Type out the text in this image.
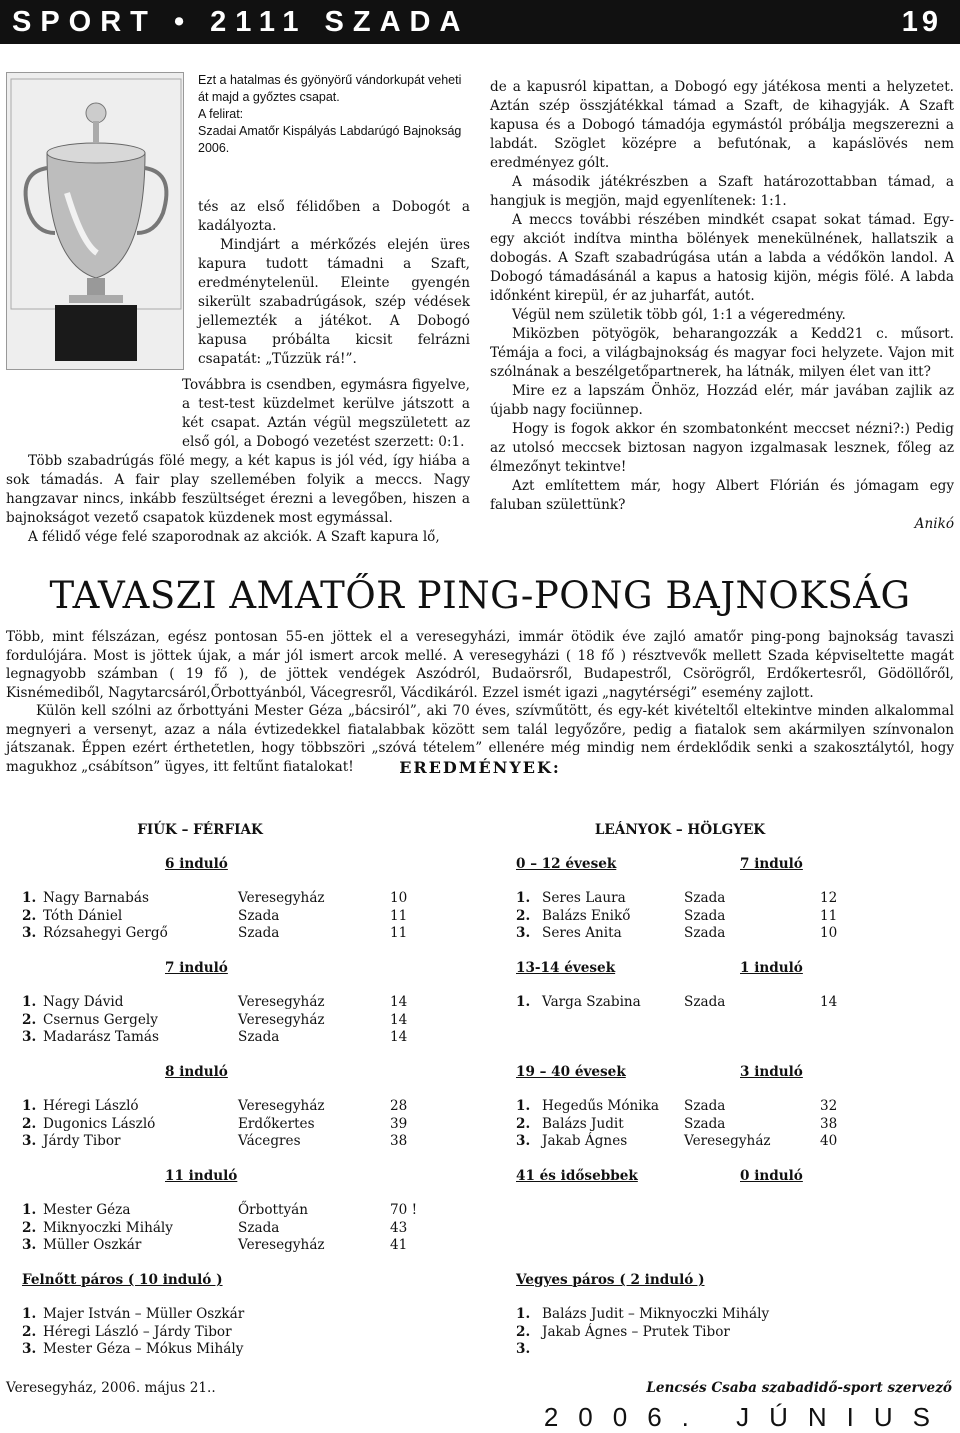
SPORT • 2111 SZADA	19
Ezt a hatalmas és gyönyörű vándorkupát veheti át majd a győztes csapat.
A felirat:
Szadai Amatőr Kispályás Labdarúgó Bajnokság 2006.

tés az első félidőben a Dobogót a kadályozta.

Mindjárt a mérkőzés elején üres kapura tudott támadni a Szaft, eredménytelenül. Eleinte gyengén sikerült szabadrúgások, szép védések jellemezték a játékot. A Dobogó kapusa próbálta kicsit felrázni csapatát: „Tűzzük rá!”.

Továbbra is csendben, egymásra figyelve, a test-test küzdelmet kerülve játszott a két csapat. Aztán végül megszületett az első gól, a Dobogó vezetést szerzett: 0:1.

Több szabadrúgás fölé megy, a két kapus is jól véd, így hiába a sok támadás. A fair play szellemében folyik a meccs. Nagy hangzavar nincs, inkább feszültséget érezni a levegőben, hiszen a bajnokságot vezető csapatok küzdenek most egymással.

A félidő vége felé szaporodnak az akciók. A Szaft kapura lő,

de a kapusról kipattan, a Dobogó egy játékosa menti a helyzetet. Aztán szép összjátékkal támad a Szaft, de kihagyják. A Szaft kapusa és a Dobogó támadója egymástól próbálja megszerezni a labdát. Szöglet középre a befutónak, a kapáslövés nem eredményez gólt.

A második játékrészben a Szaft határozottabban támad, a hangjuk is megjön, majd egyenlítenek: 1:1.

A meccs további részében mindkét csapat sokat támad. Egy-egy akciót indítva mintha bölények menekülnének, hallatszik a dobogás. A Szaft szabadrúgása után a labda a védőkön landol. A Dobogó támadásánál a kapus a hatosig kijön, mégis fölé. A labda időnként kirepül, ér az juharfát, autót.

Végül nem születik több gól, 1:1 a végeredmény.

Miközben pötyögök, beharangozzák a Kedd21 c. műsort. Témája a foci, a világbajnokság és magyar foci helyzete. Vajon mit szólnának a beszélgetőpartnerek, ha látnák, milyen élet van itt?

Mire ez a lapszám Önhöz, Hozzád elér, már javában zajlik az újabb nagy fociünnep.

Hogy is fogok akkor én szombatonként meccset nézni?:) Pedig az utolsó meccsek biztosan nagyon izgalmasak lesznek, főleg az élmezőnyt tekintve!

Azt említettem már, hogy Albert Flórián és jómagam egy faluban születtünk?

Anikó
TAVASZI AMATŐR PING-PONG BAJNOKSÁG

Több, mint félszázan, egész pontosan 55-en jöttek el a veresegyházi, immár ötödik éve zajló amatőr ping-pong bajnokság tavaszi fordulójára. Most is jöttek újak, a már jól ismert arcok mellé. A veresegyházi ( 18 fő ) résztvevők mellett Szada képviseltette magát legnagyobb számban ( 19 fő ), de jöttek vendégek Aszódról, Budaörsről, Budapestről, Csörögről, Erdőkertesről, Gödöllőről, Kisnémediből, Nagytarcsáról,Őrbottyánból, Vácegresről, Vácdikáról. Ezzel ismét igazi „nagytérségi” esemény zajlott.

Külön kell szólni az őrbottyáni Mester Géza „bácsiról”, aki 70 éves, szívműtött, és egy-két kivételtől eltekintve minden alkalommal megnyeri a versenyt, azaz a nála évtizedekkel fiatalabbak között sem talál legyőzőre, pedig a fiatalok sem akármilyen színvonalon játszanak. Éppen ezért érthetetlen, hogy többszöri „szóvá tételem” ellenére még mindig nem érdeklődik senki a szakosztálytól, hogy magukhoz „csábítson” ügyes, itt feltűnt fiatalokat!	EREDMÉNYEK:
FIÚK – FÉRFIAK	LEÁNYOK – HÖLGYEK
6 induló
1. Nagy Barnabás	Veresegyház	10
2. Tóth Dániel	Szada	11
3. Rózsahegyi Gergő	Szada	11
7 induló
1. Nagy Dávid	Veresegyház	14
2. Csernus Gergely	Veresegyház	14
3. Madarász Tamás	Szada	14
8 induló
1. Héregi László	Veresegyház	28
2. Dugonics László	Erdőkertes	39
3. Járdy Tibor	Vácegres	38
11 induló
1. Mester Géza	Őrbottyán	70 !
2. Miknyoczki Mihály	Szada	43
3. Müller Oszkár	Veresegyház	41
0 – 12 évesek	7 induló
1. Seres Laura	Szada	12
2. Balázs Enikő	Szada	11
3. Seres Anita	Szada	10
13-14 évesek	1 induló
1. Varga Szabina	Szada	14
19 – 40 évesek	3 induló
1. Hegedűs Mónika Szada	32
2. Balázs Judit	Szada	38
3. Jakab Ágnes	Veresegyház	40
41 és idősebbek	0 induló
1. Majer István – Müller Oszkár
2. Héregi László – Járdy Tibor
3. Mester Géza – Mókus Mihály
1. Balázs Judit – Miknyoczki Mihály
2. Jakab Ágnes – Prutek Tibor
3.
Felnőtt páros ( 10 induló )	Vegyes páros ( 2 induló )
Veresegyház, 2006. május 21..	Lencsés Csaba szabadidő-sport szervező
2006. JÚNIUS
